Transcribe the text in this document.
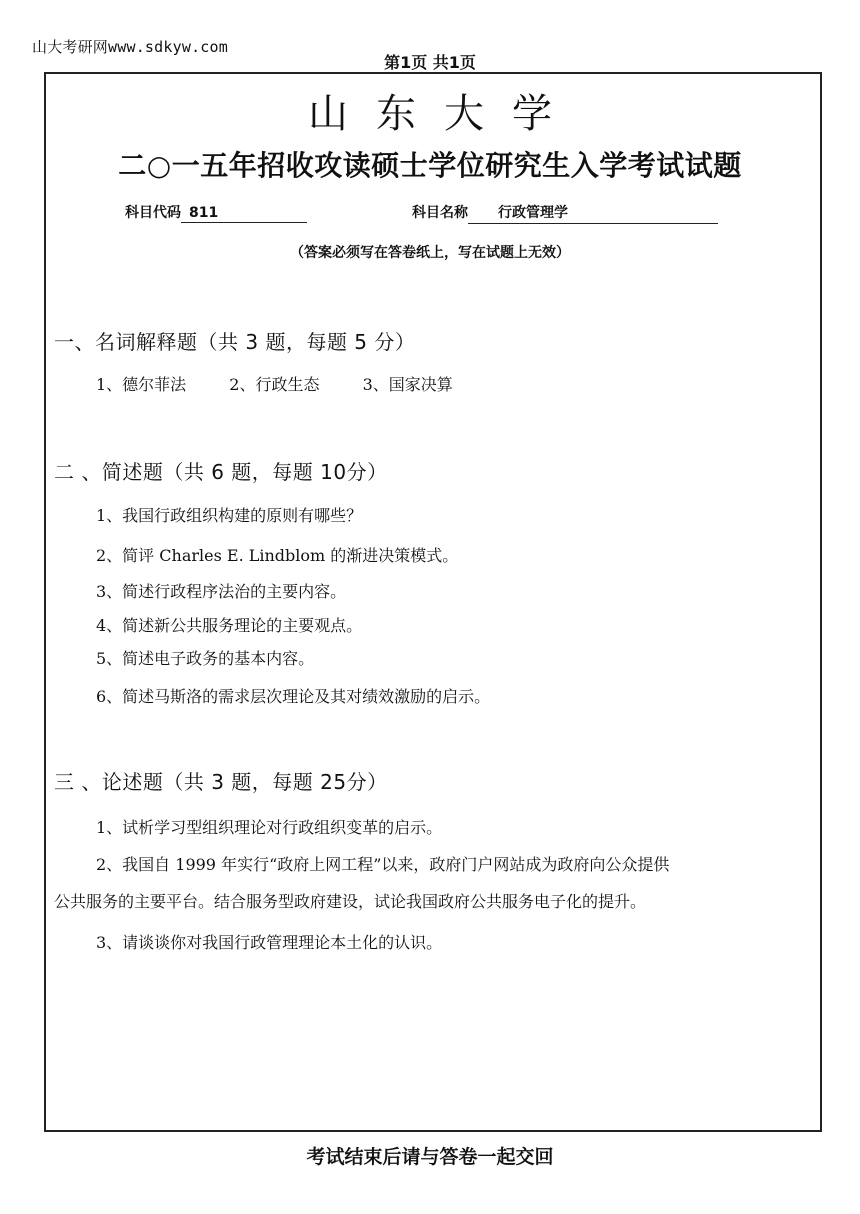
山大考研网www.sdkyw.com
第1页 共1页
山东大学
二○一五年招收攻读硕士学位研究生入学考试试题
科目代码 811	科目名称 行政管理学
（答案必须写在答卷纸上，写在试题上无效）
一、名词解释题（共 3 题，每题 5 分）
1、德尔菲法	2、行政生态	3、国家决算
二 、简述题（共 6 题，每题 10分）
1、我国行政组织构建的原则有哪些？
2、简评 Charles E. Lindblom 的渐进决策模式。
3、简述行政程序法治的主要内容。
4、简述新公共服务理论的主要观点。
5、简述电子政务的基本内容。
6、简述马斯洛的需求层次理论及其对绩效激励的启示。
三 、论述题（共 3 题，每题 25分）
1、试析学习型组织理论对行政组织变革的启示。
2、我国自 1999 年实行“政府上网工程”以来，政府门户网站成为政府向公众提供
公共服务的主要平台。结合服务型政府建设，试论我国政府公共服务电子化的提升。
3、请谈谈你对我国行政管理理论本土化的认识。
考试结束后请与答卷一起交回
